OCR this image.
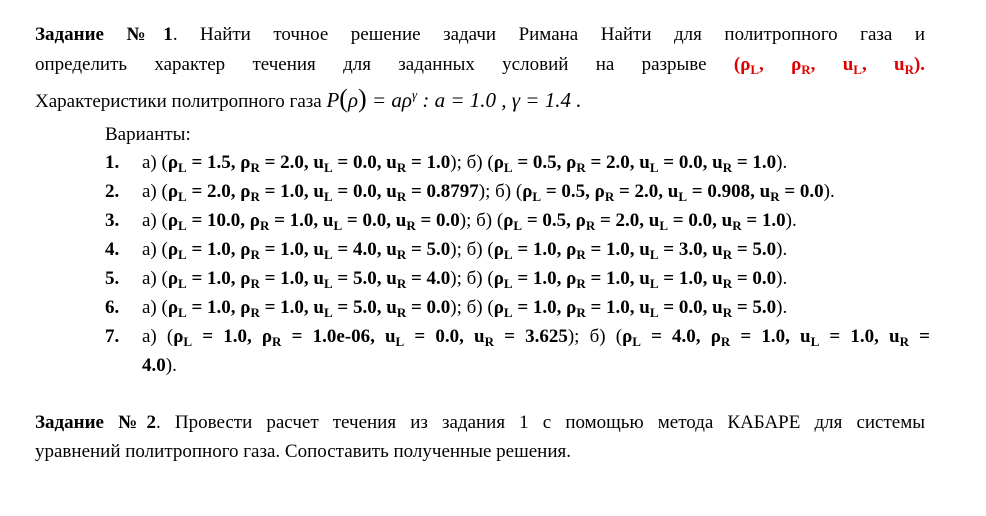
Задание №1. Найти точное решение задачи Римана Найти для политропного газа и
определить характер течения для заданных условий на разрыве ($\rho_L$, $\rho_R$, $u_L$, $u_R$).
Характеристики политропного газа $P(\rho) = a\rho^\gamma$ : a = 1.0 , γ = 1.4 .
Варианты:
1.	а) ($\rho_L = 1.5$, $\rho_R = 2.0$, $u_L = 0.0$, $u_R = 1.0$); б) ($\rho_L = 0.5$, $\rho_R = 2.0$, $u_L = 0.0$, $u_R = 1.0$).
2.	а) ($\rho_L = 2.0$, $\rho_R = 1.0$, $u_L = 0.0$, $u_R = 0.8797$); б) ($\rho_L = 0.5$, $\rho_R = 2.0$, $u_L = 0.908$, $u_R = 0.0$).
3.	а) ($\rho_L = 10.0$, $\rho_R = 1.0$, $u_L = 0.0$, $u_R = 0.0$); б) ($\rho_L = 0.5$, $\rho_R = 2.0$, $u_L = 0.0$, $u_R = 1.0$).
4.	а) ($\rho_L = 1.0$, $\rho_R = 1.0$, $u_L = 4.0$, $u_R = 5.0$); б) ($\rho_L = 1.0$, $\rho_R = 1.0$, $u_L = 3.0$, $u_R = 5.0$).
5.	а) ($\rho_L = 1.0$, $\rho_R = 1.0$, $u_L = 5.0$, $u_R = 4.0$); б) ($\rho_L = 1.0$, $\rho_R = 1.0$, $u_L = 1.0$, $u_R = 0.0$).
6.	а) ($\rho_L = 1.0$, $\rho_R = 1.0$, $u_L = 5.0$, $u_R = 0.0$); б) ($\rho_L = 1.0$, $\rho_R = 1.0$, $u_L = 0.0$, $u_R = 5.0$).
7.	а) ($\rho_L = 1.0$, $\rho_R = 1.0e-06$, $u_L = 0.0$, $u_R = 3.625$); б) ($\rho_L = 4.0$, $\rho_R = 1.0$, $u_L = 1.0$, $u_R$ =
4.0).
Задание №2. Провести расчет течения из задания 1 с помощью метода КАБАРЕ для системы
уравнений политропного газа. Сопоставить полученные решения.
